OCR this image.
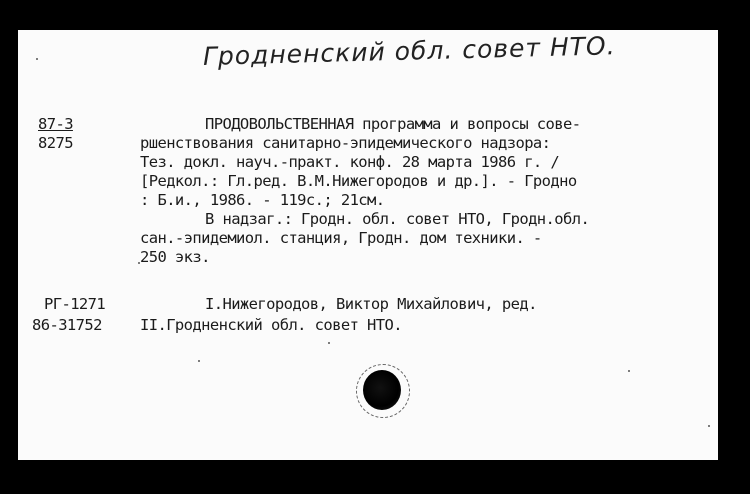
Гродненский обл. совет НТО.
87-3
8275
ПРОДОВОЛЬСТВЕННАЯ программа и вопросы сове-
ршенствования санитарно-эпидемического надзора:
Тез. докл. науч.-практ. конф. 28 марта 1986 г. /
[Редкол.: Гл.ред. В.М.Нижегородов и др.]. - Гродно
: Б.и., 1986. - 119с.; 21см.
В надзаг.: Гродн. обл. совет НТО, Гродн.обл.
сан.-эпидемиол. станция, Гродн. дом техники. -
250 экз.
РГ-1271
86-31752
I.Нижегородов, Виктор Михайлович, ред.
II.Гродненский обл. совет НТО.
